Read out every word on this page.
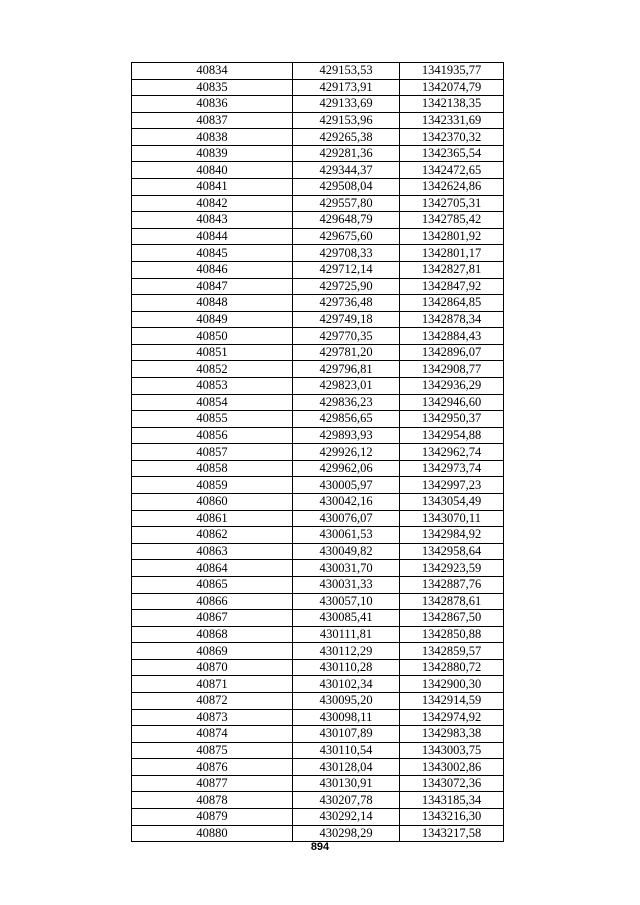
40834	429153,53	1341935,77
40835	429173,91	1342074,79
40836	429133,69	1342138,35
40837	429153,96	1342331,69
40838	429265,38	1342370,32
40839	429281,36	1342365,54
40840	429344,37	1342472,65
40841	429508,04	1342624,86
40842	429557,80	1342705,31
40843	429648,79	1342785,42
40844	429675,60	1342801,92
40845	429708,33	1342801,17
40846	429712,14	1342827,81
40847	429725,90	1342847,92
40848	429736,48	1342864,85
40849	429749,18	1342878,34
40850	429770,35	1342884,43
40851	429781,20	1342896,07
40852	429796,81	1342908,77
40853	429823,01	1342936,29
40854	429836,23	1342946,60
40855	429856,65	1342950,37
40856	429893,93	1342954,88
40857	429926,12	1342962,74
40858	429962,06	1342973,74
40859	430005,97	1342997,23
40860	430042,16	1343054,49
40861	430076,07	1343070,11
40862	430061,53	1342984,92
40863	430049,82	1342958,64
40864	430031,70	1342923,59
40865	430031,33	1342887,76
40866	430057,10	1342878,61
40867	430085,41	1342867,50
40868	430111,81	1342850,88
40869	430112,29	1342859,57
40870	430110,28	1342880,72
40871	430102,34	1342900,30
40872	430095,20	1342914,59
40873	430098,11	1342974,92
40874	430107,89	1342983,38
40875	430110,54	1343003,75
40876	430128,04	1343002,86
40877	430130,91	1343072,36
40878	430207,78	1343185,34
40879	430292,14	1343216,30
40880	430298,29	1343217,58
894
